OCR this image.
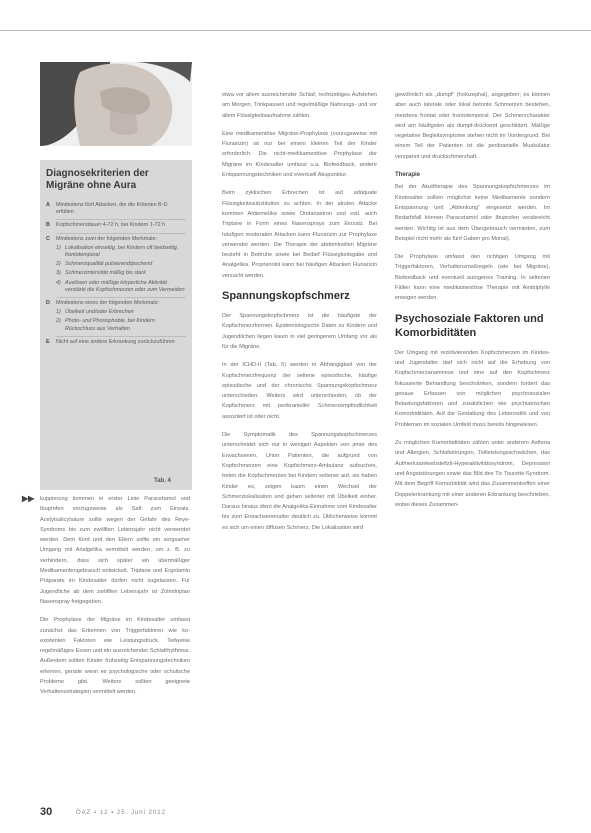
Diagnosekriterien der Migräne ohne Aura
A	Mindestens fünf Attacken, die die Kriterien B-D erfüllen
B	Kopfschmerzdauer 4-72 h, bei Kindern 1-72 h
C	Mindestens zwei der folgenden Merkmale:
1) Lokalisation einseitig, bei Kindern oft beidseitig, frontotemporal
2) Schmerzqualität pulsierend/pochend
3) Schmerzintensität mäßig bis stark
4) Auslösen oder mäßige körperliche Aktivität verstärkt die Kopfschmerzen oder zum Vermeiden
D	Mindestens eines der folgenden Merkmale:
1) Übelkeit und/oder Erbrechen
2) Photo- und Phonophobie, bei Kindern Rückschluss aus Verhalten
E	Nicht auf eine andere Erkrankung zurückzuführen
Tab. 4
▶▶ kuppierung kommen in erster Linie Paracetamol und Ibuprofen vorzugsweise als Saft zum Einsatz. Acetylsalicylsäure sollte wegen der Gefahr des Reye-Syndroms bis zum zwölften Lebensjahr nicht verwendet werden. Dem Kind und den Eltern sollte ein sorgsamer Umgang mit Analgetika vermittelt werden, um z. B. zu verhindern, dass sich später ein übermäßiger Medikamentengebrauch entwickelt. Triptane und Ergotamin Präparate im Kindesalter dürfen nicht zugelassen. Für Jugendliche ab dem zwölften Lebensjahr ist Zolmitriptan Nasenspray freigegeben.

Die Prophylaxe der Migräne im Kindesalter umfasst zunächst das Erkennen von Triggerfaktoren wie ko-existenten Faktoren wie Leistungsdruck. Teilweise regelmäßiges Essen und ein ausreichender Schlafrhythmus. Außerdem sollten Kinder frühzeitig Entspannungstechniken erlernen, gerade wenn es psychologische oder schulische Probleme gibt. Weiters sollten geeignete Verhaltensstrategien vermittelt werden,

etwa vor allem ausreichender Schlaf, rechtzeitiges Aufstehen am Morgen, Trinkpausen und regelmäßige Nahrungs- und vor allem Flüssigkeitsaufnahme zählen.

Eine medikamentöse Migräne-Prophylaxe (vorzugsweise mit Flunarizin) ist nur bei einem kleinen Teil der Kinder erforderlich. Die nicht-medikamentöse Prophylaxe der Migräne im Kindesalter umfasst u.a. Biofeedback, andere Entspannungstechniken und eventuell Akupunktur.

Beim zyklischen Erbrechen ist auf adäquate Flüssigkeitssubstitution zu achten. In der akuten Attacke kommen Antiemetika sowie Ondansetron und evtl. auch Triptane in Form eines Nasensprays zum Einsatz. Bei häufigen moderaten Attacken kann Flunarizin zur Prophylaxe verwendet werden. Die Therapie der abdominellen Migräne besteht in Bettruhe sowie bei Bedarf Flüssigkeitsgabe und Analgetika. Propranolol kann bei häufigen Attacken Flunarizin versucht werden.

Spannungskopfschmerz

Der Spannungskopfschmerz ist die häufigste der Kopfschmerzformen. Epidemiologische Daten zu Kindern und Jugendlichen liegen kaum in viel geringerem Umfang vor als für die Migräne.

In der ICHD-II (Tab. 5) werden in Abhängigkeit von der Kopfschmerzfrequenz der seltene episodische, häufige episodische und der chronische Spannungskopfschmerz unterschieden. Weiters wird unterschieden, ob der Kopfschmerz mit perikranieller Schmerzempfindlichkeit assoziiert ist oder nicht.

Die Symptomatik des Spannungskopfschmerzes unterscheidet sich nur in wenigen Aspekten von jener des Erwachsenen. Unter Patienten, die aufgrund von Kopfschmerzen eine Kopfschmerz-Ambulanz aufsuchen, treten die Kopfschmerzen bei Kindern seltener auf, sie haben Kinder es, zeigen kaum einen Wechsel der Schmerzlokalisation und gehen seltener mit Übelkeit einher. Daraus hinaus dient die Analgetika-Einnahme vom Kindesalter bis zum Erwachsenenalter deutlich zu. Üblicherweise kommt es sich um einen diffusen Schmerz. Die Lokalisation wird

gewöhnlich als „dumpf“ (holozephal), angegeben; es können aber auch laterale oder lokal betonte Schmerzen bestehen, meistens frontal oder frontotemporal. Der Schmerzcharakter wird am häufigsten als dumpf-drückend geschildert. Mäßige vegetative Begleitsymptome stehen nicht im Vordergrund. Bei einem Teil der Patienten ist die perikranielle Muskulatur verspannt und druckschmerzhaft.

Therapie

Bei der Akuttherapie des Spannungskopfschmerzes im Kindesalter sollten möglichst keine Medikamente sondern Entspannung und „Ablenkung“ eingesetzt werden. Im Bedarfsfall können Paracetamol oder Ibuprofen verabreicht werden. Wichtig ist aus dem Übergebrauch vermieden, zum Beispiel nicht mehr als fünf Gaben pro Monat).

Die Prophylaxe umfasst den richtigen Umgang mit Triggerfaktoren, Verhaltensmaßregeln (wie bei Migräne), Biofeedback und eventuell autogenes Training. In seltenen Fällen kann eine medikamentöse Therapie mit Amitriptylin erwogen werden.

Psychosoziale Faktoren und Komorbiditäten

Der Umgang mit rezidivierenden Kopfschmerzen im Kindes- und Jugendalter darf sich nicht auf die Erhebung von Kopfschmerzanamnese und eine auf den Kopfschmerz fokussierte Behandlung beschränken, sondern fordert das genaue Erfassen von möglichen psychosozialen Belastungsfaktoren und zusätzlichen wie psychiatrischen Komorbiditäten. Auf die Gestaltung des Lebensstils und von Problemen im sozialen Umfeld muss bereits hingewiesen.

Zu möglichen Komorbiditäten zählen unter anderem Asthma und Allergien, Schlafstörungen, Teilleistungsschwächen, das Aufmerksamkeitsdefizit-Hyperaktivitätssyndrom, Depression und Angststörungen sowie das Bild des Tic Tourette-Syndrom. Mit dem Begriff Komorbidität wird das Zusammentreffen einer Doppelerkrankung mit einer anderen Erkrankung beschrieben, wobei dieses Zusammen-

30	ÖAZ ▪ 12 ▪ 25. Juni 2012
